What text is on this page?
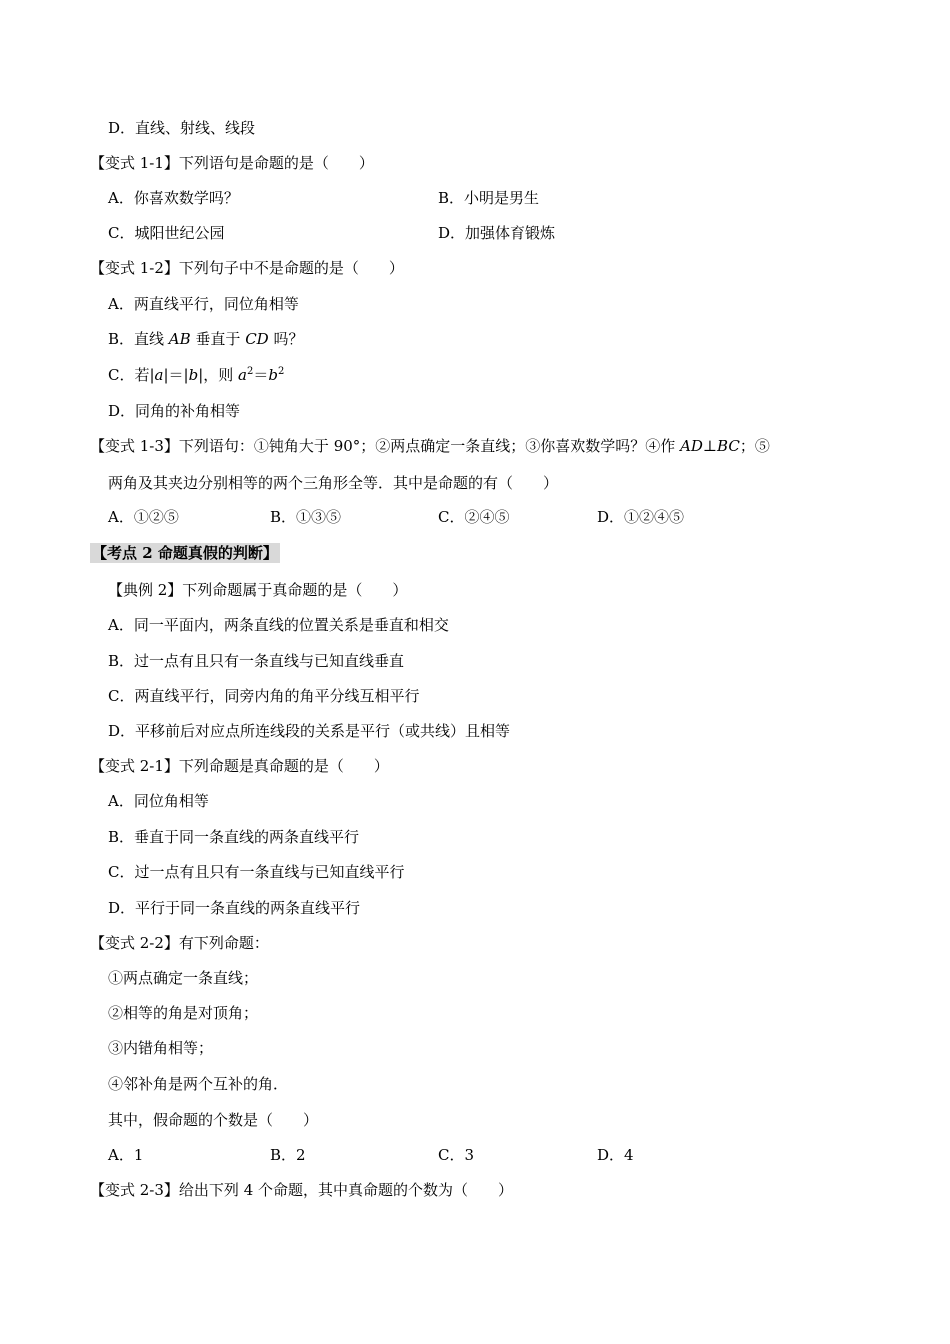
D．直线、射线、线段
【变式 1-1】下列语句是命题的是（　　）
A．你喜欢数学吗？	B．小明是男生
C．城阳世纪公园	D．加强体育锻炼
【变式 1-2】下列句子中不是命题的是（　　）
A．两直线平行，同位角相等
B．直线 AB 垂直于 CD 吗？
C．若|a|＝|b|，则 $a^2=b^2$
D．同角的补角相等
【变式 1-3】下列语句：①钝角大于 90°；②两点确定一条直线；③你喜欢数学吗？④作 AD⊥BC；⑤
两角及其夹边分别相等的两个三角形全等．其中是命题的有（　　）
A．①②⑤	B．①③⑤	C．②④⑤	D．①②④⑤
【考点 2 命题真假的判断】
【典例 2】下列命题属于真命题的是（　　）
A．同一平面内，两条直线的位置关系是垂直和相交
B．过一点有且只有一条直线与已知直线垂直
C．两直线平行，同旁内角的角平分线互相平行
D．平移前后对应点所连线段的关系是平行（或共线）且相等
【变式 2-1】下列命题是真命题的是（　　）
A．同位角相等
B．垂直于同一条直线的两条直线平行
C．过一点有且只有一条直线与已知直线平行
D．平行于同一条直线的两条直线平行
【变式 2-2】有下列命题：
①两点确定一条直线；
②相等的角是对顶角；
③内错角相等；
④邻补角是两个互补的角．
其中，假命题的个数是（　　）
A．1	B．2	C．3	D．4
【变式 2-3】给出下列 4 个命题，其中真命题的个数为（　　）
